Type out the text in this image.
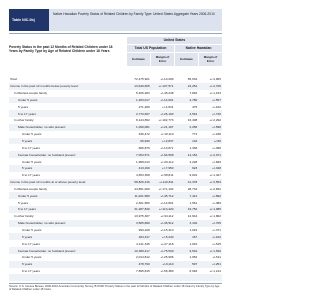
Table NIC-0bj
Native Hawaiian Poverty Status of Related Children by Family Type: United States Aggregate Years 2006-2010
Poverty Status in the past 12 Months of Related Children under 18 Years by Family Type by Age of Related Children under 18 Years
United States
Total US Population	Native Hawaiian
Estimate	Margin of Error	Estimate	Margin of Error
Total:	72,475,921	+/-10,299	65,632	+/-4,965
Income in the past 12 months below poverty level:	13,649,605	+/-107,571	24,254	+/-2,706
In Married-couple family	5,466,283	+/-45,248	7,846	+/-1,153
Under 5 years	1,263,017	+/-14,001	2,780	+/-557
5 years	271,480	+/-4,831	475	+/-162
6 to 17 years	2,770,697	+/-26,190	4,591	+/-740
In other family:	8,144,652	+/-102,773	16,408	+/-2,292
Male householder, no wife present:	1,090,081	+/-21,197	2,256	+/-598
Under 5 years	336,472	+/-10,110	774	+/-248
5 years	66,930	+/-2,837	134	+/-80
6 to 17 years	686,879	+/-13,871	1,348	+/-398
Female householder, no husband present:	7,054,571	+/-94,508	14,152	+/-2,071
Under 5 years	1,988,013	+/-29,112	4,228	+/-829
5 years	413,190	+/-7,950	923	+/-328
6 to 17 years	4,653,368	+/-58,811	9,001	+/-1,427
Income in the past 12 months at or above poverty level:	58,826,316	+/-110,811	41,378	+/-3,553
In Married-couple family	44,851,009	+/-171,102	28,734	+/-2,652
Under 5 years	11,261,580	+/-45,712	7,421	+/-892
5 years	2,301,580	+/-14,891	1,561	+/-389
6 to 17 years	31,287,849	+/-113,420	19,752	+/-1,985
In other family:	13,975,307	+/-94,112	12,644	+/-1,802
Male householder, no wife present:	3,585,890	+/-36,512	3,102	+/-705
Under 5 years	990,228	+/-15,410	1,019	+/-371
5 years	184,317	+/-5,240	167	+/-102
6 to 17 years	2,411,345	+/-27,118	1,916	+/-515
Female householder, no husband present:	10,389,417	+/-75,530	9,542	+/-1,520
Under 5 years	2,014,812	+/-25,906	1,952	+/-511
5 years	478,790	+/-9,110	597	+/-251
6 to 17 years	7,895,815	+/-56,380	6,993	+/-1,214
Source: U.S. Census Bureau, 2006-2010 American Community Survey, B17006: Poverty Status in the past 12 Months of Related Children under 18 Years by Family Type by Age of Related Children under 18 Years.
